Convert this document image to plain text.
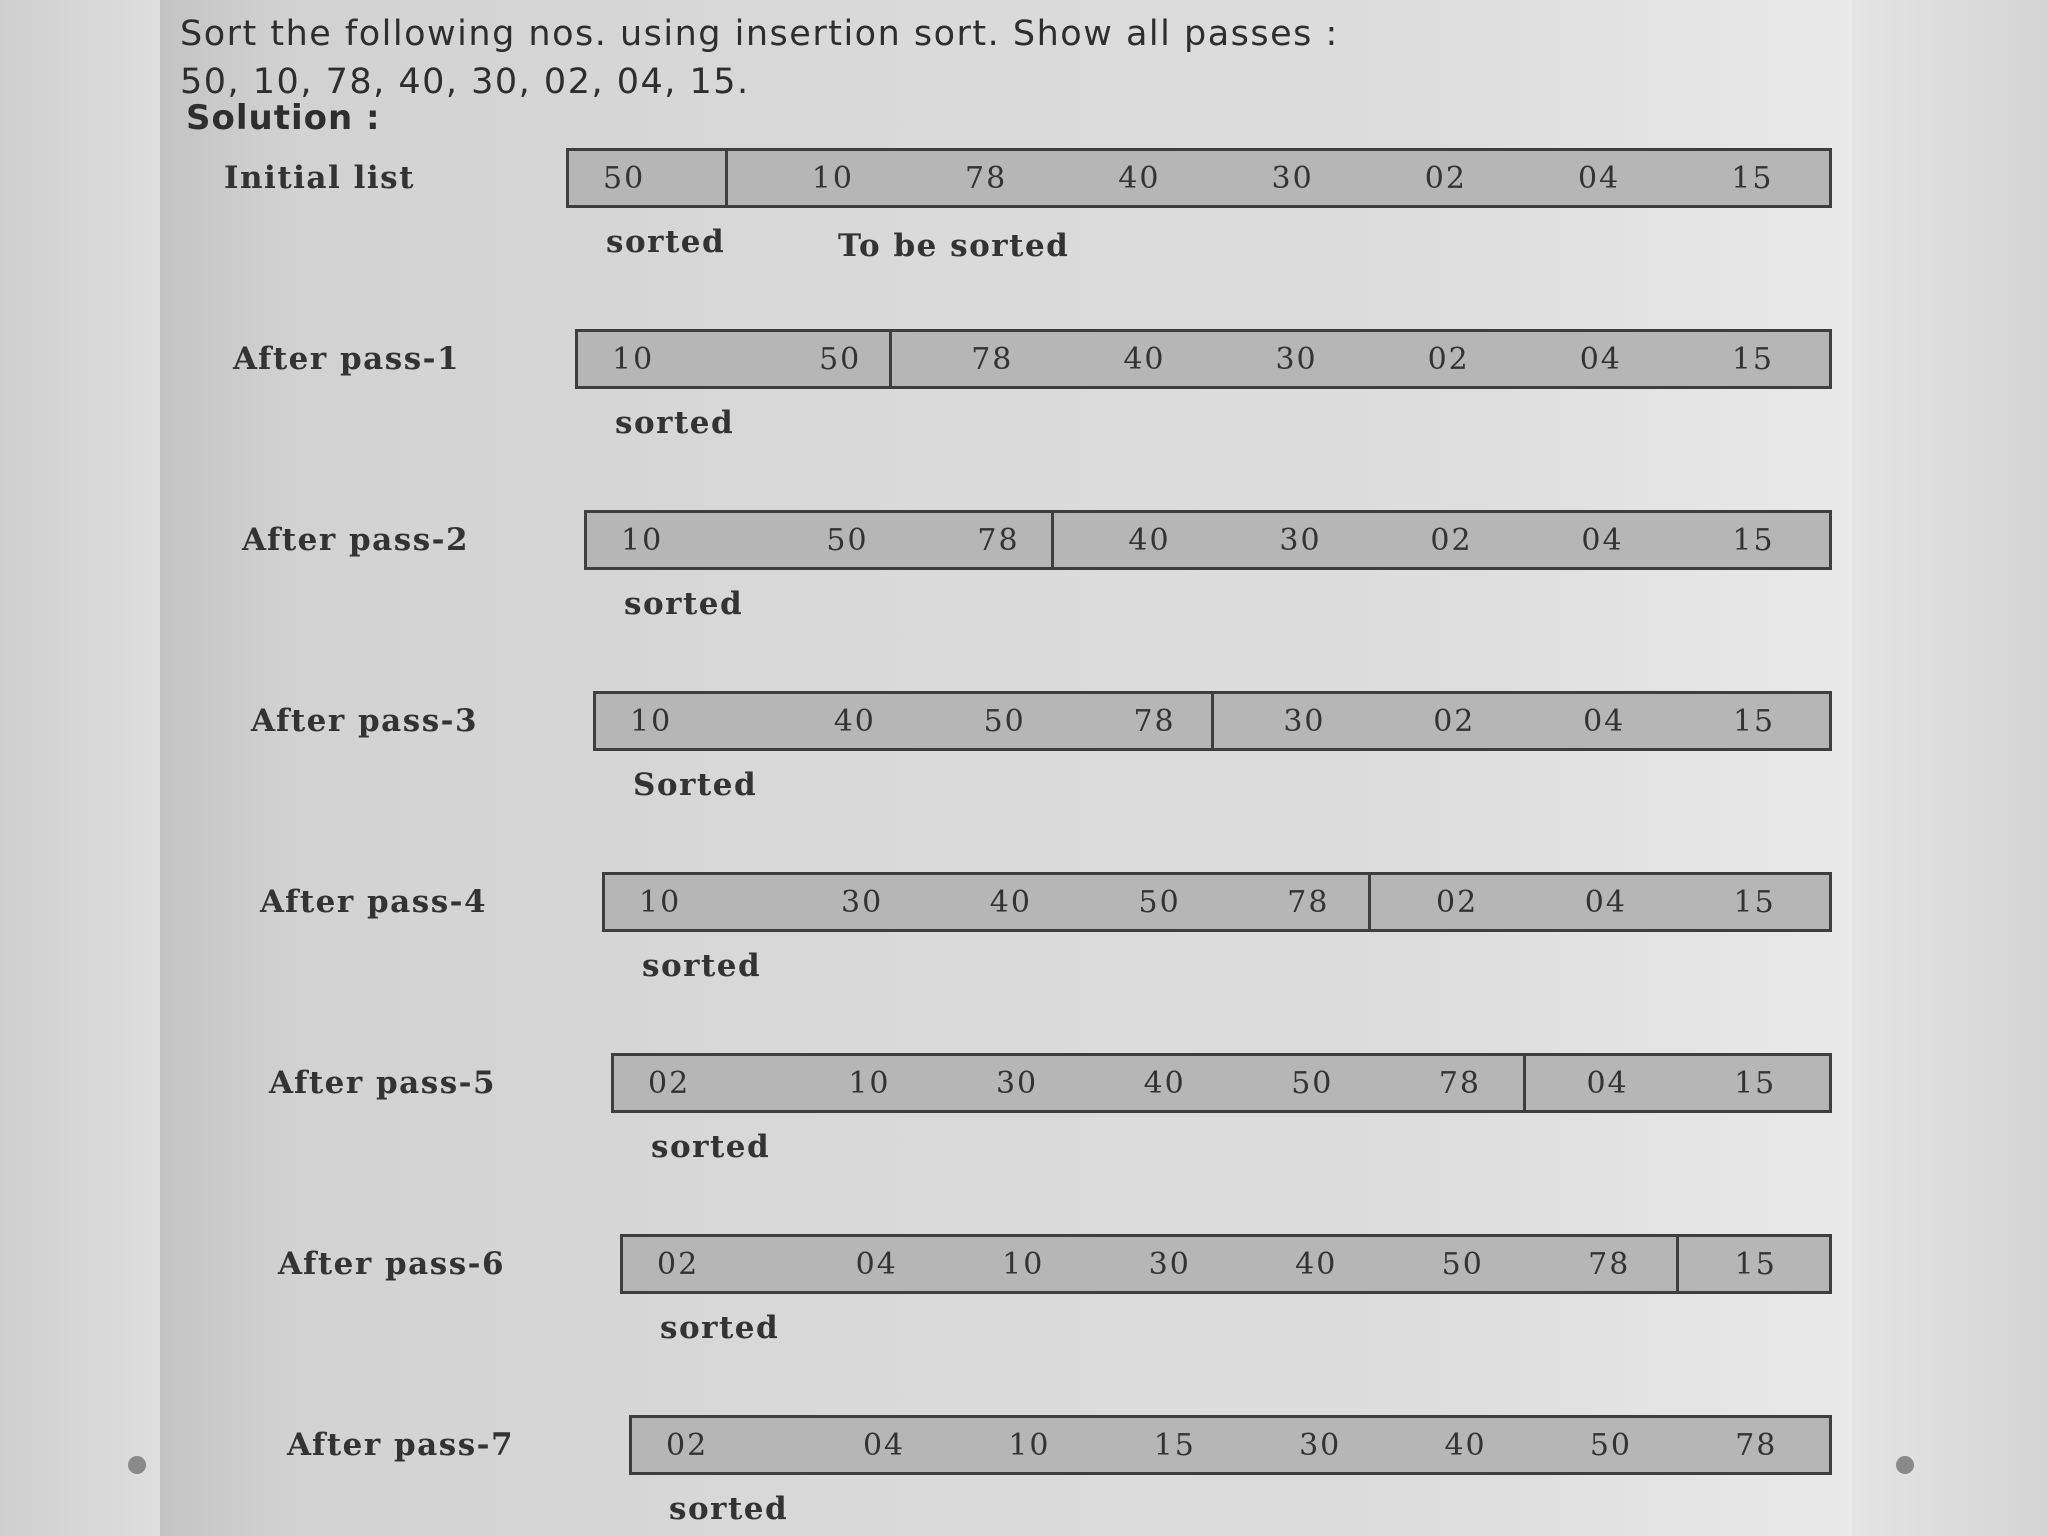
Sort the following nos. using insertion sort. Show all passes :
50, 10, 78, 40, 30, 02, 04, 15.
Solution :
Initial list	50	10	78	40	30	02	04	15
sorted	To be sorted
After pass-1	10	50	78	40	30	02	04	15
sorted
After pass-2	10	50	78	40	30	02	04	15
sorted
After pass-3	10	40	50	78	30	02	04	15
Sorted
After pass-4	10	30	40	50	78	02	04	15
sorted
After pass-5	02	10	30	40	50	78	04	15
sorted
After pass-6	02	04	10	30	40	50	78	15
sorted
After pass-7	02	04	10	15	30	40	50	78
sorted
